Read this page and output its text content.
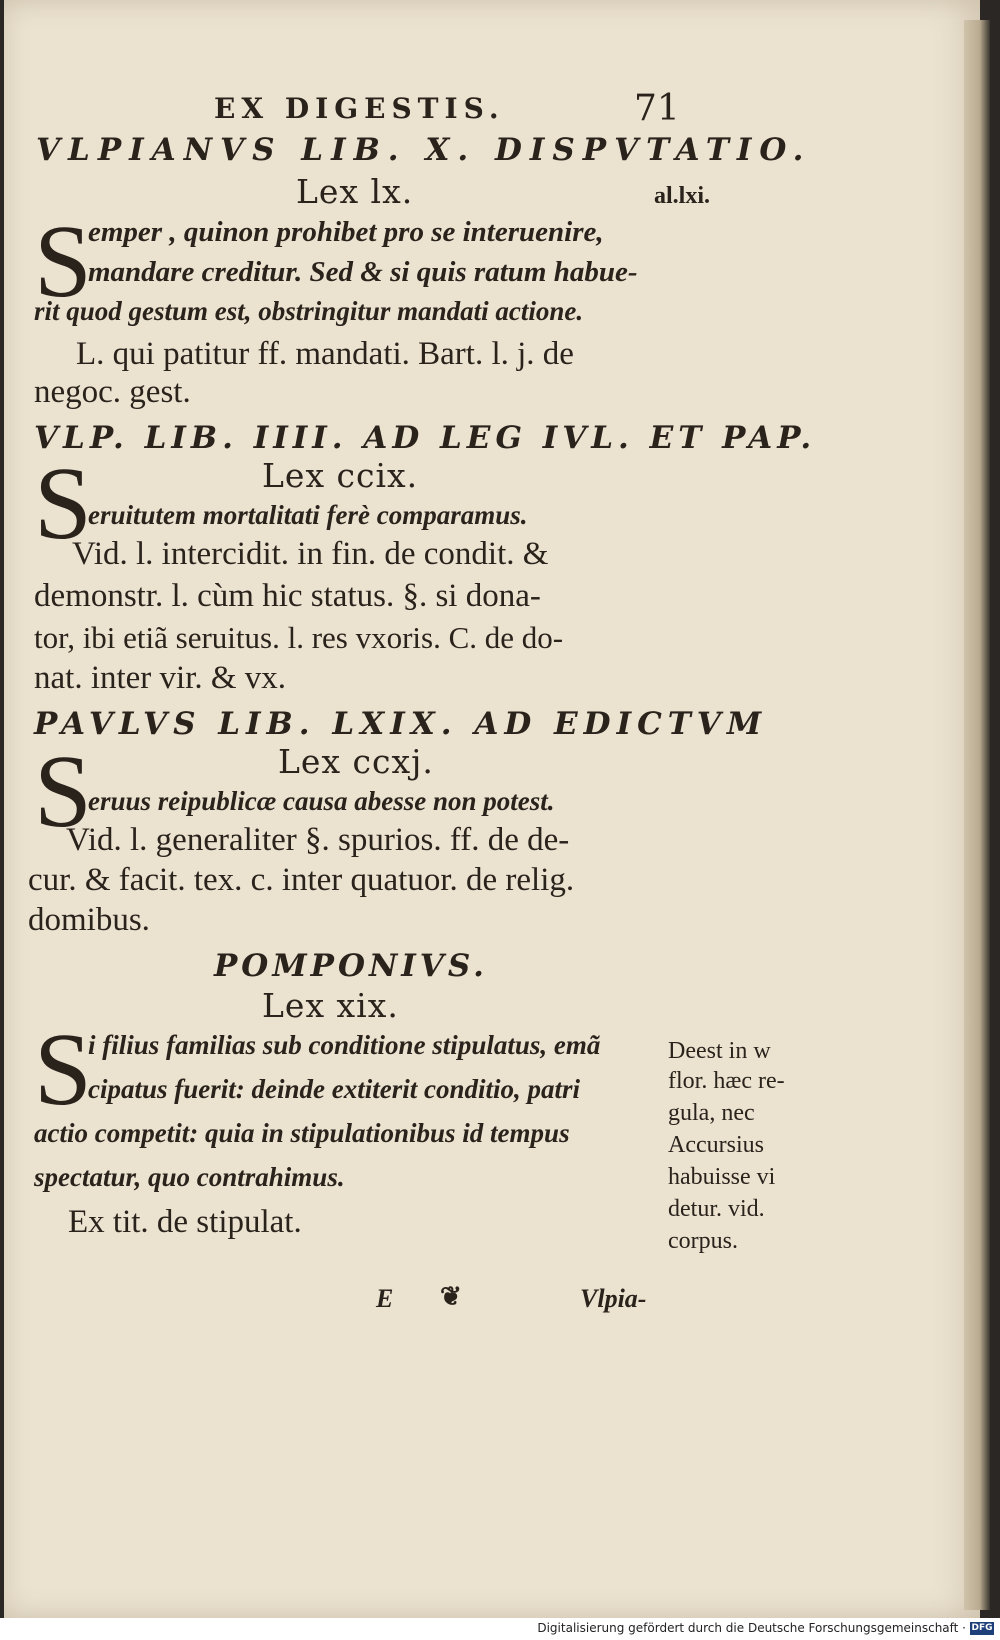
EX DIGESTIS.	71
VLPIANVS LIB. X. DISPVTATIO.
Lex lx.	al.lxi.
S
emper , quinon prohibet pro se interuenire,
mandare creditur. Sed & si quis ratum habue-
rit quod gestum est, obstringitur mandati actione.
L. qui patitur ff. mandati. Bart. l. j. de
negoc. gest.
VLP. LIB. IIII. AD LEG IVL. ET PAP.
Lex ccix.
S
eruitutem mortalitati ferè comparamus.
Vid. l. intercidit. in fin. de condit. &
demonstr. l. cùm hic status. §. si dona-
tor, ibi etiã seruitus. l. res vxoris. C. de do-
nat. inter vir. & vx.
PAVLVS LIB. LXIX. AD EDICTVM
Lex ccxj.
S
eruus reipublicæ causa abesse non potest.
Vid. l. generaliter §. spurios. ff. de de-
cur. & facit. tex. c. inter quatuor. de relig.
domibus.
POMPONIVS.
Lex xix.
S
i filius familias sub conditione stipulatus, emã
cipatus fuerit: deinde extiterit conditio, patri
actio competit: quia in stipulationibus id tempus
spectatur, quo contrahimus.
Ex tit. de stipulat.
Deest in w
flor. hæc re-
gula, nec
Accursius
habuisse vi
detur. vid.
corpus.
E ❦	Vlpia-
Digitalisierung gefördert durch die Deutsche Forschungsgemeinschaft · DFG
